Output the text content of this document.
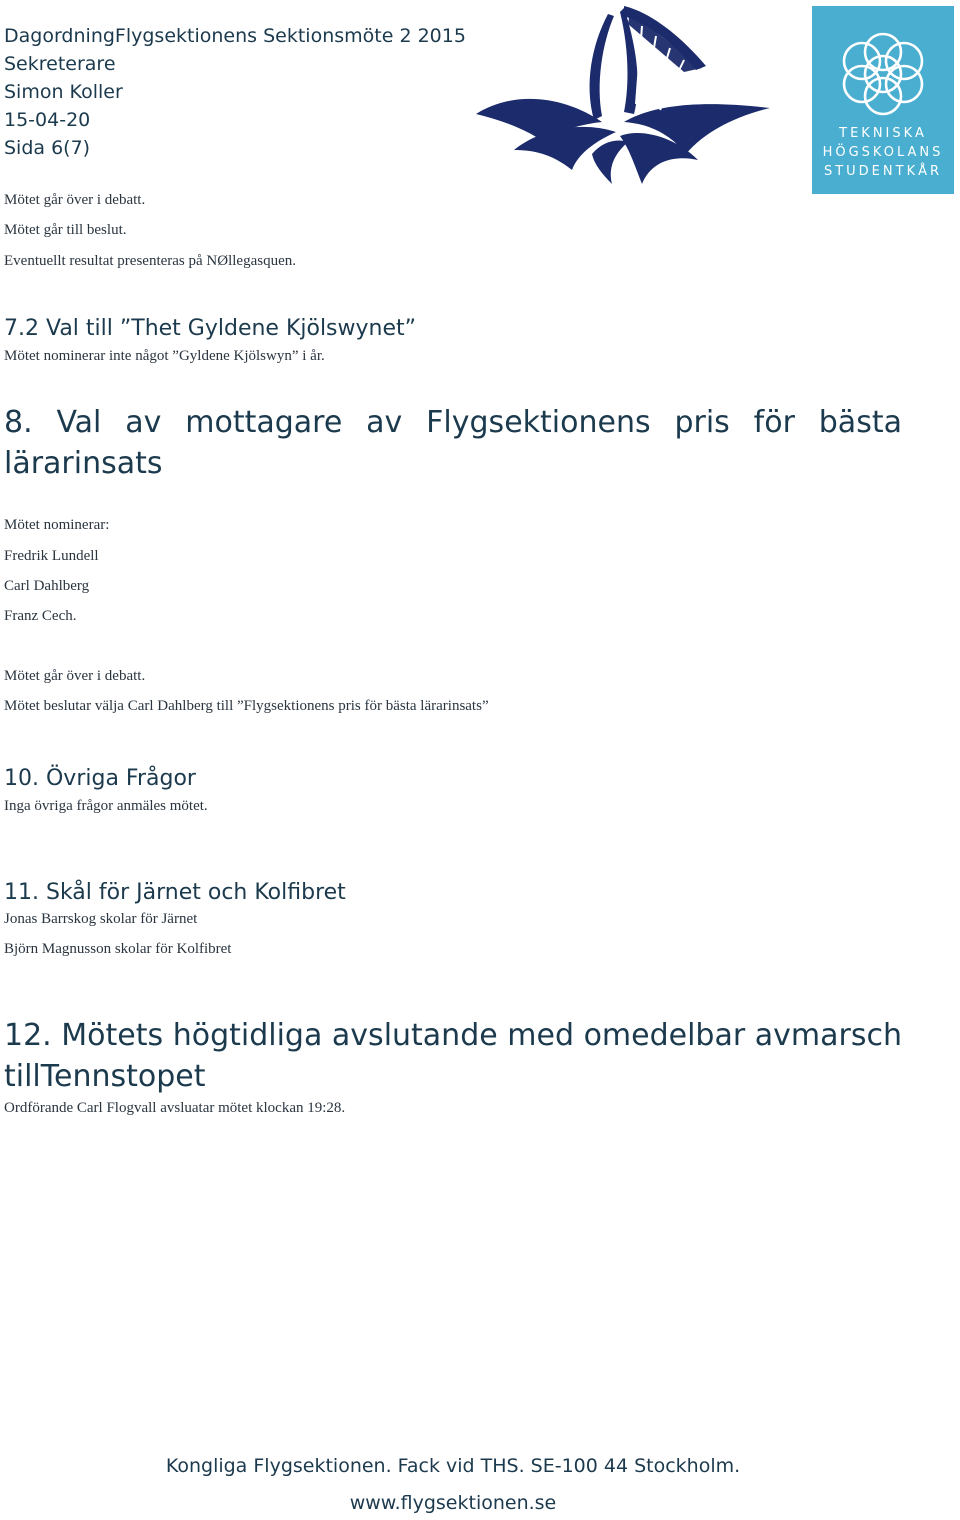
DagordningFlygsektionens Sektionsmöte 2 2015
Sekreterare
Simon Koller
15-04-20
Sida 6(7)
TEKNISKA
HÖGSKOLANS
STUDENTKÅR
Mötet går över i debatt.
Mötet går till beslut.
Eventuellt resultat presenteras på NØllegasquen.
7.2 Val till ”Thet Gyldene Kjölswynet”
Mötet nominerar inte något ”Gyldene Kjölswyn” i år.
8. Val av mottagare av Flygsektionens pris för bästa
lärarinsats
Mötet nominerar:
Fredrik Lundell
Carl Dahlberg
Franz Cech.
Mötet går över i debatt.
Mötet beslutar välja Carl Dahlberg till ”Flygsektionens pris för bästa lärarinsats”
10. Övriga Frågor
Inga övriga frågor anmäles mötet.
11. Skål för Järnet och Kolfibret
Jonas Barrskog skolar för Järnet
Björn Magnusson skolar för Kolfibret
12. Mötets högtidliga avslutande med omedelbar avmarsch
tillTennstopet
Ordförande Carl Flogvall avsluatar mötet klockan 19:28.
Kongliga Flygsektionen. Fack vid THS. SE-100 44 Stockholm.
www.flygsektionen.se
